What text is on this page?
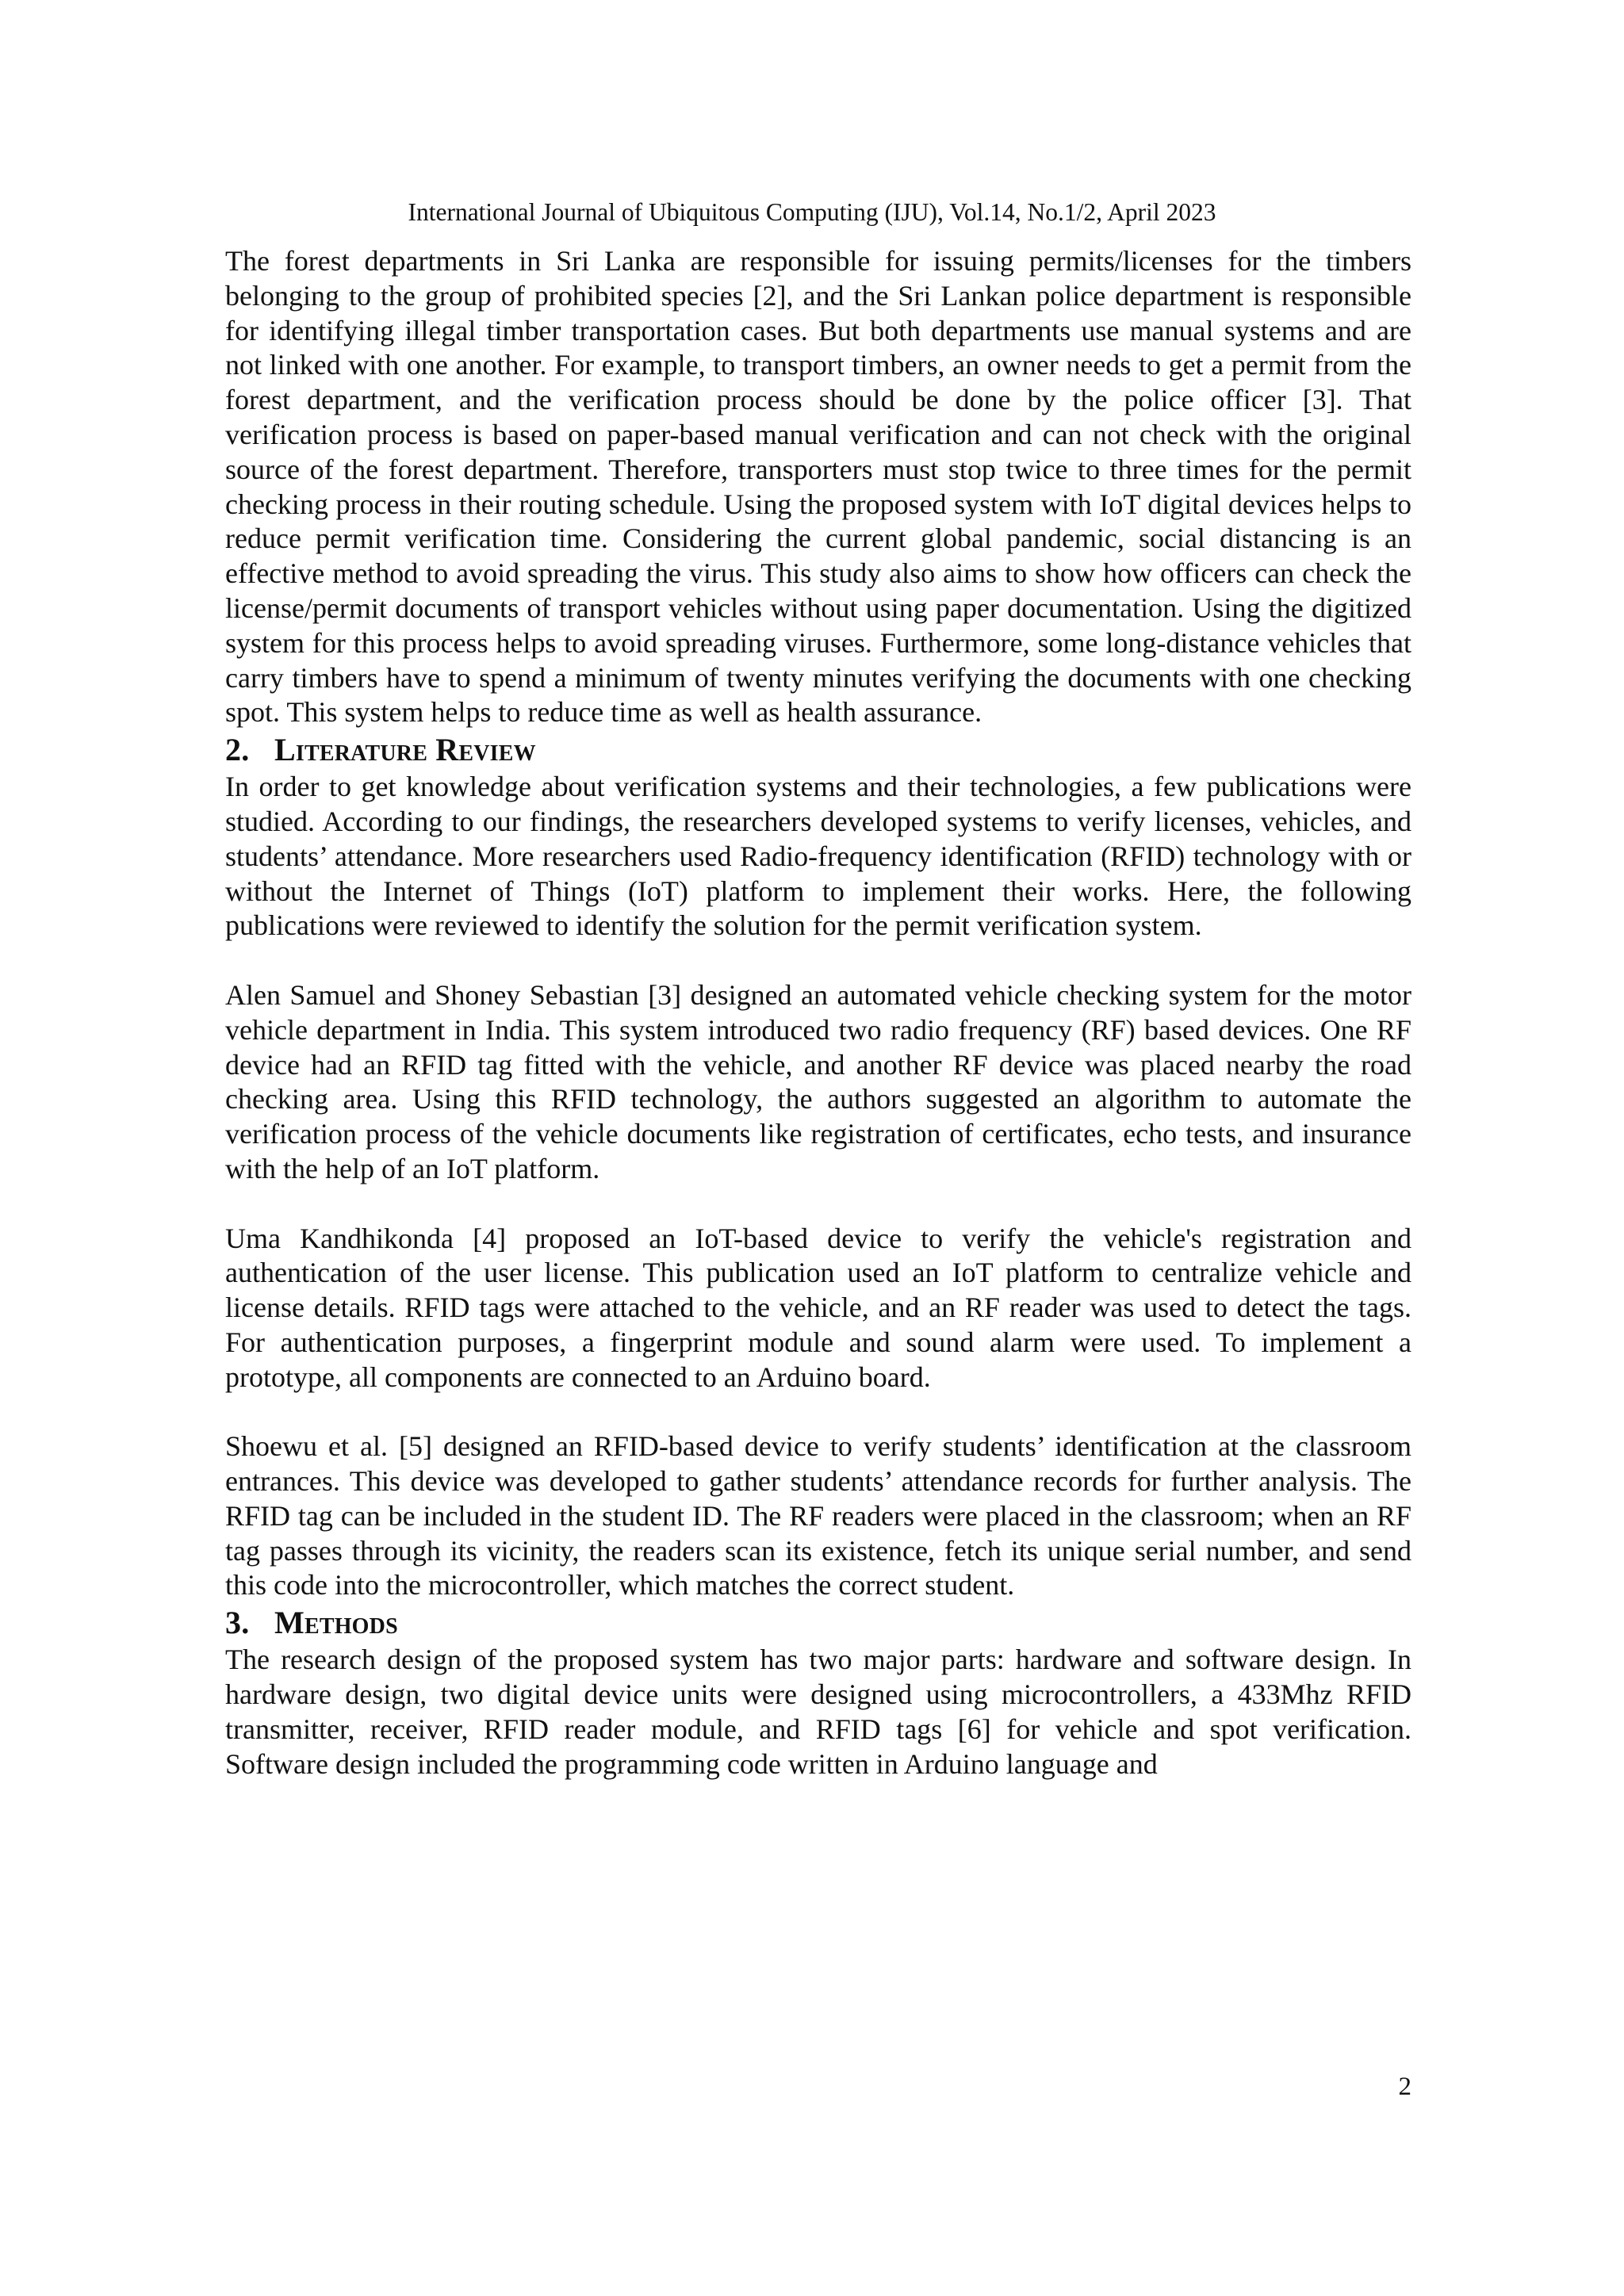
International Journal of Ubiquitous Computing (IJU), Vol.14, No.1/2, April 2023

The forest departments in Sri Lanka are responsible for issuing permits/licenses for the timbers belonging to the group of prohibited species [2], and the Sri Lankan police department is responsible for identifying illegal timber transportation cases. But both departments use manual systems and are not linked with one another. For example, to transport timbers, an owner needs to get a permit from the forest department, and the verification process should be done by the police officer [3]. That verification process is based on paper-based manual verification and can not check with the original source of the forest department. Therefore, transporters must stop twice to three times for the permit checking process in their routing schedule. Using the proposed system with IoT digital devices helps to reduce permit verification time. Considering the current global pandemic, social distancing is an effective method to avoid spreading the virus. This study also aims to show how officers can check the license/permit documents of transport vehicles without using paper documentation. Using the digitized system for this process helps to avoid spreading viruses. Furthermore, some long-distance vehicles that carry timbers have to spend a minimum of twenty minutes verifying the documents with one checking spot. This system helps to reduce time as well as health assurance.

2. Literature Review

In order to get knowledge about verification systems and their technologies, a few publications were studied. According to our findings, the researchers developed systems to verify licenses, vehicles, and students’ attendance. More researchers used Radio-frequency identification (RFID) technology with or without the Internet of Things (IoT) platform to implement their works. Here, the following publications were reviewed to identify the solution for the permit verification system.

Alen Samuel and Shoney Sebastian [3] designed an automated vehicle checking system for the motor vehicle department in India. This system introduced two radio frequency (RF) based devices. One RF device had an RFID tag fitted with the vehicle, and another RF device was placed nearby the road checking area. Using this RFID technology, the authors suggested an algorithm to automate the verification process of the vehicle documents like registration of certificates, echo tests, and insurance with the help of an IoT platform.

Uma Kandhikonda [4] proposed an IoT-based device to verify the vehicle's registration and authentication of the user license. This publication used an IoT platform to centralize vehicle and license details. RFID tags were attached to the vehicle, and an RF reader was used to detect the tags. For authentication purposes, a fingerprint module and sound alarm were used. To implement a prototype, all components are connected to an Arduino board.

Shoewu et al. [5] designed an RFID-based device to verify students’ identification at the classroom entrances. This device was developed to gather students’ attendance records for further analysis. The RFID tag can be included in the student ID. The RF readers were placed in the classroom; when an RF tag passes through its vicinity, the readers scan its existence, fetch its unique serial number, and send this code into the microcontroller, which matches the correct student.

3. Methods

The research design of the proposed system has two major parts: hardware and software design. In hardware design, two digital device units were designed using microcontrollers, a 433Mhz RFID transmitter, receiver, RFID reader module, and RFID tags [6] for vehicle and spot verification. Software design included the programming code written in Arduino language and

2
